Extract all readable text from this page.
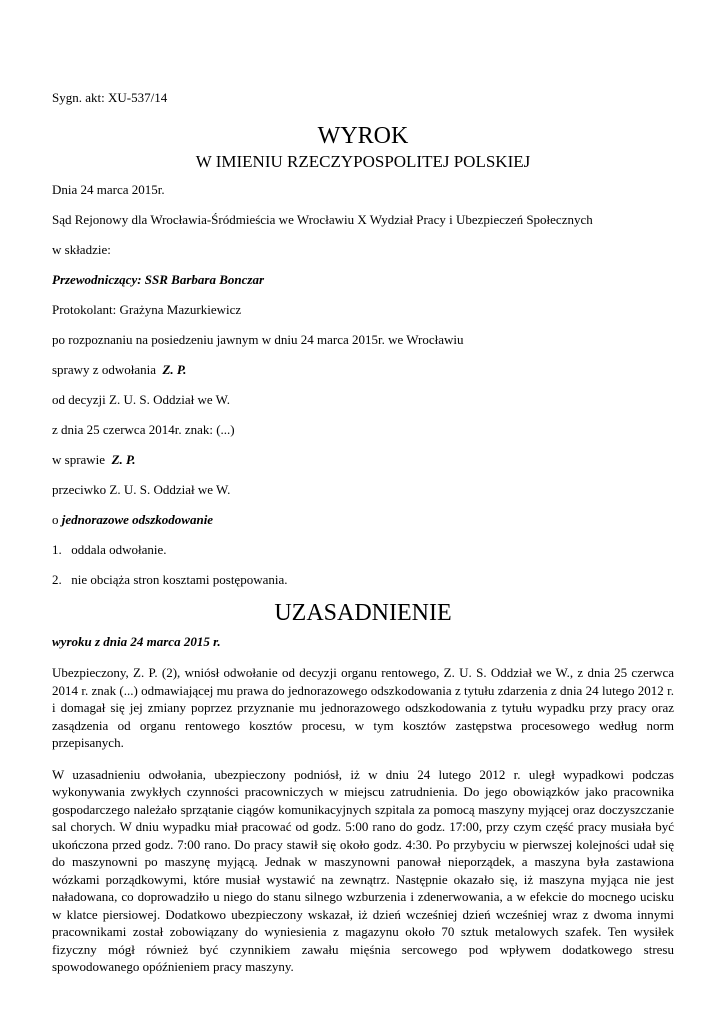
Sygn. akt: XU-537/14
WYROK
W IMIENIU RZECZYPOSPOLITEJ POLSKIEJ
Dnia 24 marca 2015r.
Sąd Rejonowy dla Wrocławia-Śródmieścia we Wrocławiu X Wydział Pracy i Ubezpieczeń Społecznych
w składzie:
Przewodniczący: SSR Barbara Bonczar
Protokolant: Grażyna Mazurkiewicz
po rozpoznaniu na posiedzeniu jawnym w dniu 24 marca 2015r. we Wrocławiu
sprawy z odwołania Z. P.
od decyzji Z. U. S. Oddział we W.
z dnia 25 czerwca 2014r. znak: (...)
w sprawie Z. P.
przeciwko Z. U. S. Oddział we W.
o jednorazowe odszkodowanie
1. oddala odwołanie.
2. nie obciąża stron kosztami postępowania.
UZASADNIENIE
wyroku z dnia 24 marca 2015 r.
Ubezpieczony, Z. P. (2), wniósł odwołanie od decyzji organu rentowego, Z. U. S. Oddział we W., z dnia 25 czerwca 2014 r. znak (...) odmawiającej mu prawa do jednorazowego odszkodowania z tytułu zdarzenia z dnia 24 lutego 2012 r. i domagał się jej zmiany poprzez przyznanie mu jednorazowego odszkodowania z tytułu wypadku przy pracy oraz zasądzenia od organu rentowego kosztów procesu, w tym kosztów zastępstwa procesowego według norm przepisanych.
W uzasadnieniu odwołania, ubezpieczony podniósł, iż w dniu 24 lutego 2012 r. uległ wypadkowi podczas wykonywania zwykłych czynności pracowniczych w miejscu zatrudnienia. Do jego obowiązków jako pracownika gospodarczego należało sprzątanie ciągów komunikacyjnych szpitala za pomocą maszyny myjącej oraz doczyszczanie sal chorych. W dniu wypadku miał pracować od godz. 5:00 rano do godz. 17:00, przy czym część pracy musiała być ukończona przed godz. 7:00 rano. Do pracy stawił się około godz. 4:30. Po przybyciu w pierwszej kolejności udał się do maszynowni po maszynę myjącą. Jednak w maszynowni panował nieporządek, a maszyna była zastawiona wózkami porządkowymi, które musiał wystawić na zewnątrz. Następnie okazało się, iż maszyna myjąca nie jest naładowana, co doprowadziło u niego do stanu silnego wzburzenia i zdenerwowania, a w efekcie do mocnego ucisku w klatce piersiowej. Dodatkowo ubezpieczony wskazał, iż dzień wcześniej dzień wcześniej wraz z dwoma innymi pracownikami został zobowiązany do wyniesienia z magazynu około 70 sztuk metalowych szafek. Ten wysiłek fizyczny mógł również być czynnikiem zawału mięśnia sercowego pod wpływem dodatkowego stresu spowodowanego opóźnieniem pracy maszyny.
